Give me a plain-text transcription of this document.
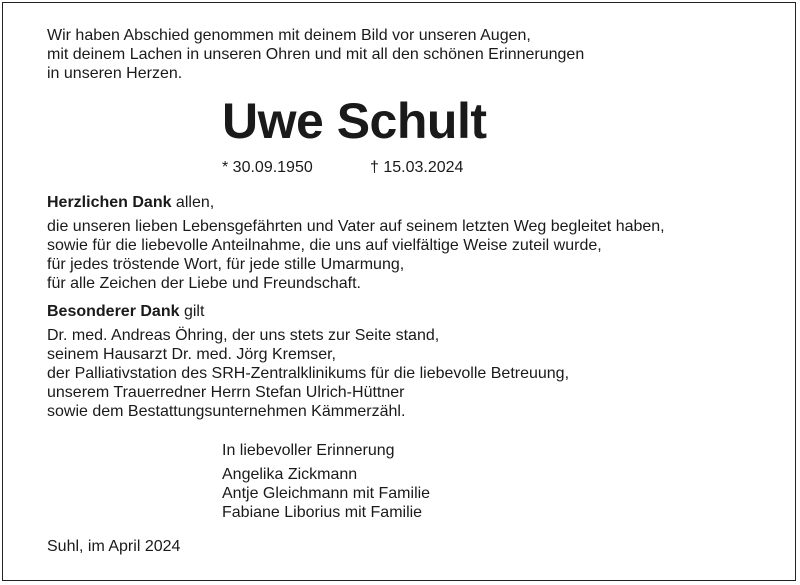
Wir haben Abschied genommen mit deinem Bild vor unseren Augen,
mit deinem Lachen in unseren Ohren und mit all den schönen Erinnerungen
in unseren Herzen.
Uwe Schult
* 30.09.1950	† 15.03.2024
Herzlichen Dank allen,
die unseren lieben Lebensgefährten und Vater auf seinem letzten Weg begleitet haben,
sowie für die liebevolle Anteilnahme, die uns auf vielfältige Weise zuteil wurde,
für jedes tröstende Wort, für jede stille Umarmung,
für alle Zeichen der Liebe und Freundschaft.
Besonderer Dank gilt
Dr. med. Andreas Öhring, der uns stets zur Seite stand,
seinem Hausarzt Dr. med. Jörg Kremser,
der Palliativstation des SRH-Zentralklinikums für die liebevolle Betreuung,
unserem Trauerredner Herrn Stefan Ulrich-Hüttner
sowie dem Bestattungsunternehmen Kämmerzähl.
In liebevoller Erinnerung
Angelika Zickmann
Antje Gleichmann mit Familie
Fabiane Liborius mit Familie
Suhl, im April 2024
